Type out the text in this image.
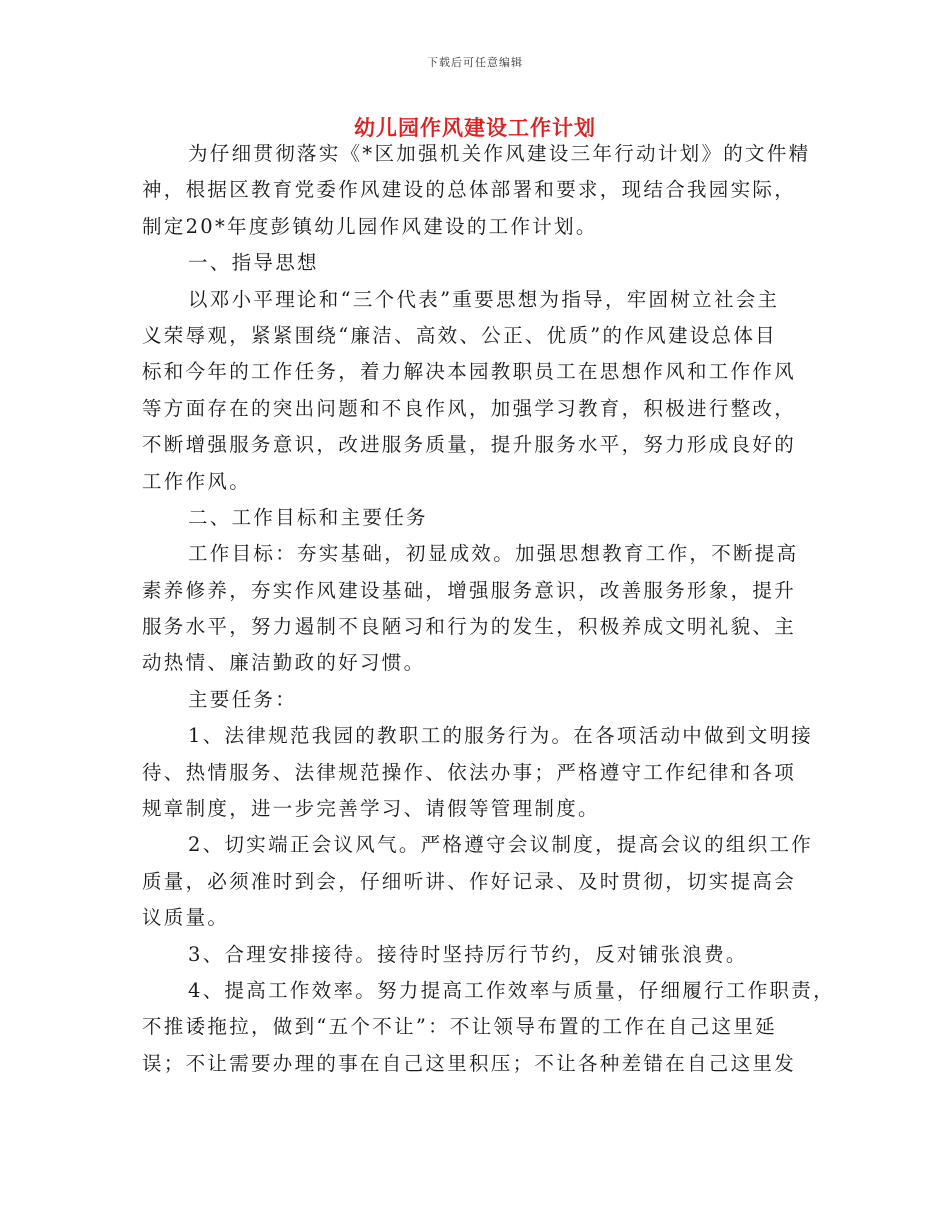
下载后可任意编辑
幼儿园作风建设工作计划
为仔细贯彻落实《*区加强机关作风建设三年行动计划》的文件精
神，根据区教育党委作风建设的总体部署和要求，现结合我园实际，
制定20*年度彭镇幼儿园作风建设的工作计划。
一、指导思想
以邓小平理论和“三个代表”重要思想为指导，牢固树立社会主
义荣辱观，紧紧围绕“廉洁、高效、公正、优质”的作风建设总体目
标和今年的工作任务，着力解决本园教职员工在思想作风和工作作风
等方面存在的突出问题和不良作风，加强学习教育，积极进行整改，
不断增强服务意识，改进服务质量，提升服务水平，努力形成良好的
工作作风。
二、工作目标和主要任务
工作目标：夯实基础，初显成效。加强思想教育工作，不断提高
素养修养，夯实作风建设基础，增强服务意识，改善服务形象，提升
服务水平，努力遏制不良陋习和行为的发生，积极养成文明礼貌、主
动热情、廉洁勤政的好习惯。
主要任务：
1、法律规范我园的教职工的服务行为。在各项活动中做到文明接
待、热情服务、法律规范操作、依法办事；严格遵守工作纪律和各项
规章制度，进一步完善学习、请假等管理制度。
2、切实端正会议风气。严格遵守会议制度，提高会议的组织工作
质量，必须准时到会，仔细听讲、作好记录、及时贯彻，切实提高会
议质量。
3、合理安排接待。接待时坚持厉行节约，反对铺张浪费。
4、提高工作效率。努力提高工作效率与质量，仔细履行工作职责，
不推诿拖拉，做到“五个不让”：不让领导布置的工作在自己这里延
误；不让需要办理的事在自己这里积压；不让各种差错在自己这里发
